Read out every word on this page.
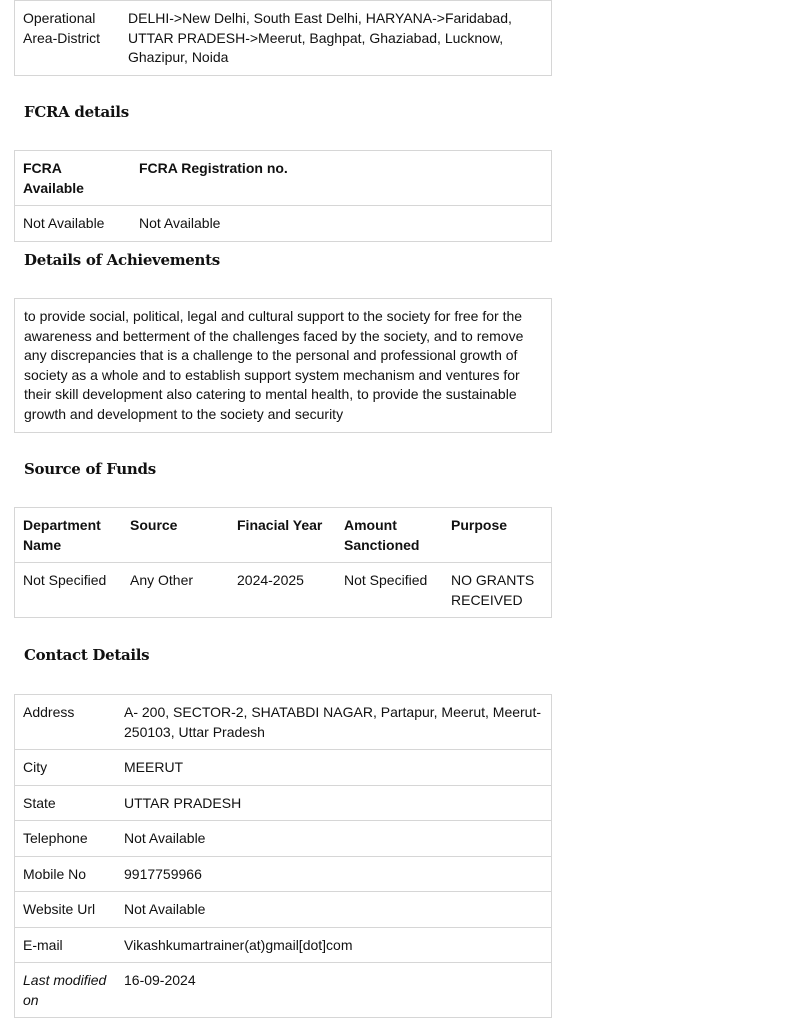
Operational Area-District	DELHI->New Delhi, South East Delhi, HARYANA->Faridabad, UTTAR PRADESH->Meerut, Baghpat, Ghaziabad, Lucknow, Ghazipur, Noida
FCRA details
FCRA Available	FCRA Registration no.
Not Available	Not Available
Details of Achievements
to provide social, political, legal and cultural support to the society for free for the awareness and betterment of the challenges faced by the society, and to remove any discrepancies that is a challenge to the personal and professional growth of society as a whole and to establish support system mechanism and ventures for their skill development also catering to mental health, to provide the sustainable growth and development to the society and security
Source of Funds
Department Name	Source	Finacial Year	Amount Sanctioned	Purpose
Not Specified	Any Other	2024-2025	Not Specified	NO GRANTS RECEIVED
Contact Details
Address	A- 200, SECTOR-2, SHATABDI NAGAR, Partapur, Meerut, Meerut-250103, Uttar Pradesh
City	MEERUT
State	UTTAR PRADESH
Telephone	Not Available
Mobile No	9917759966
Website Url	Not Available
E-mail	Vikashkumartrainer(at)gmail[dot]com
Last modified on	16-09-2024
